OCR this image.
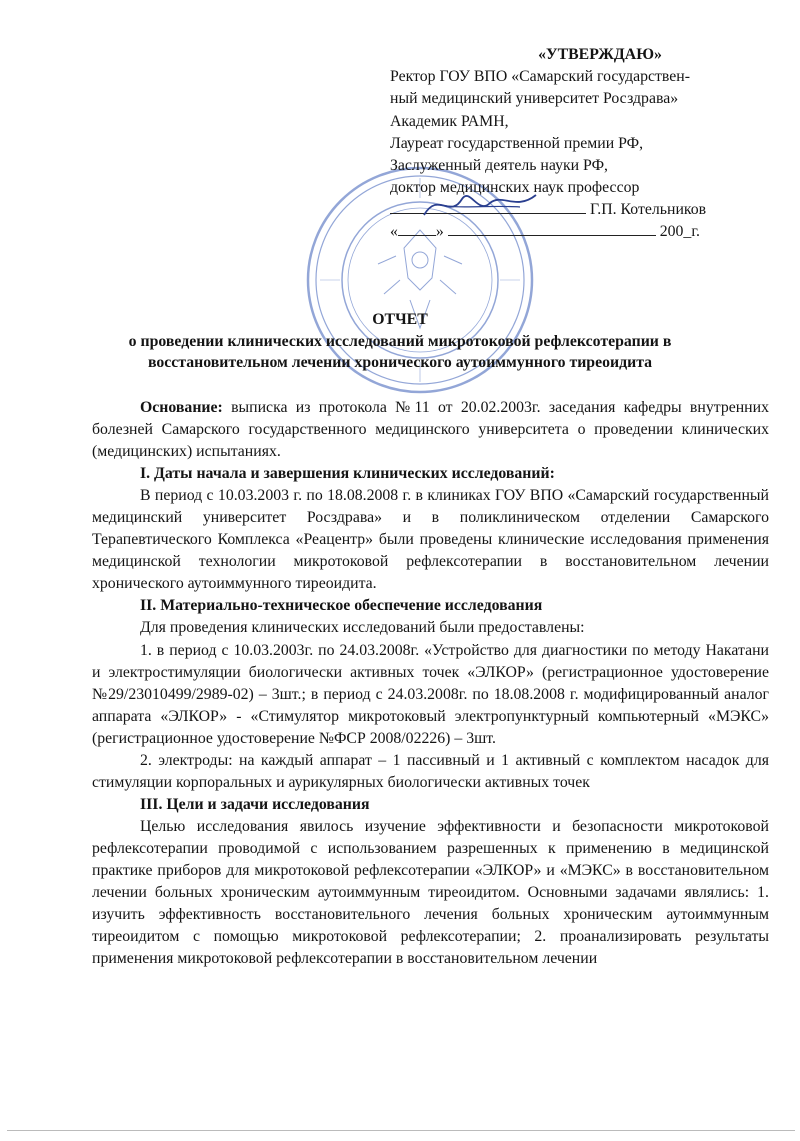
«УТВЕРЖДАЮ»
Ректор ГОУ ВПО «Самарский государствен-
ный медицинский университет Росздрава»
Академик РАМН,
Лауреат государственной премии РФ,
Заслуженный деятель науки РФ,
доктор медицинских наук профессор
Г.П. Котельников
« »	200_г.
ОТЧЕТ
о проведении клинических исследований микротоковой рефлексотерапии в
восстановительном лечении хронического аутоиммунного тиреоидита

Основание: выписка из протокола №11 от 20.02.2003г. заседания кафедры внутренних болезней Самарского государственного медицинского университета о проведении клинических (медицинских) испытаниях.

I. Даты начала и завершения клинических исследований:

В период с 10.03.2003 г. по 18.08.2008 г. в клиниках ГОУ ВПО «Самарский государственный медицинский университет Росздрава» и в поликлиническом отделении Самарского Терапевтического Комплекса «Реацентр» были проведены клинические исследования применения медицинской технологии микротоковой рефлексотерапии в восстановительном лечении хронического аутоиммунного тиреоидита.

II. Материально-техническое обеспечение исследования

Для проведения клинических исследований были предоставлены:

1. в период с 10.03.2003г. по 24.03.2008г. «Устройство для диагностики по методу Накатани и электростимуляции биологически активных точек «ЭЛКОР» (регистрационное удостоверение №29/23010499/2989-02) – 3шт.; в период с 24.03.2008г. по 18.08.2008 г. модифицированный аналог аппарата «ЭЛКОР» - «Стимулятор микротоковый электропунктурный компьютерный «МЭКС» (регистрационное удостоверение №ФСР 2008/02226) – 3шт.

2. электроды: на каждый аппарат – 1 пассивный и 1 активный с комплектом насадок для стимуляции корпоральных и аурикулярных биологически активных точек

III. Цели и задачи исследования

Целью исследования явилось изучение эффективности и безопасности микротоковой рефлексотерапии проводимой с использованием разрешенных к применению в медицинской практике приборов для микротоковой рефлексотерапии «ЭЛКОР» и «МЭКС» в восстановительном лечении больных хроническим аутоиммунным тиреоидитом. Основными задачами являлись: 1. изучить эффективность восстановительного лечения больных хроническим аутоиммунным тиреоидитом с помощью микротоковой рефлексотерапии; 2. проанализировать результаты применения микротоковой рефлексотерапии в восстановительном лечении
